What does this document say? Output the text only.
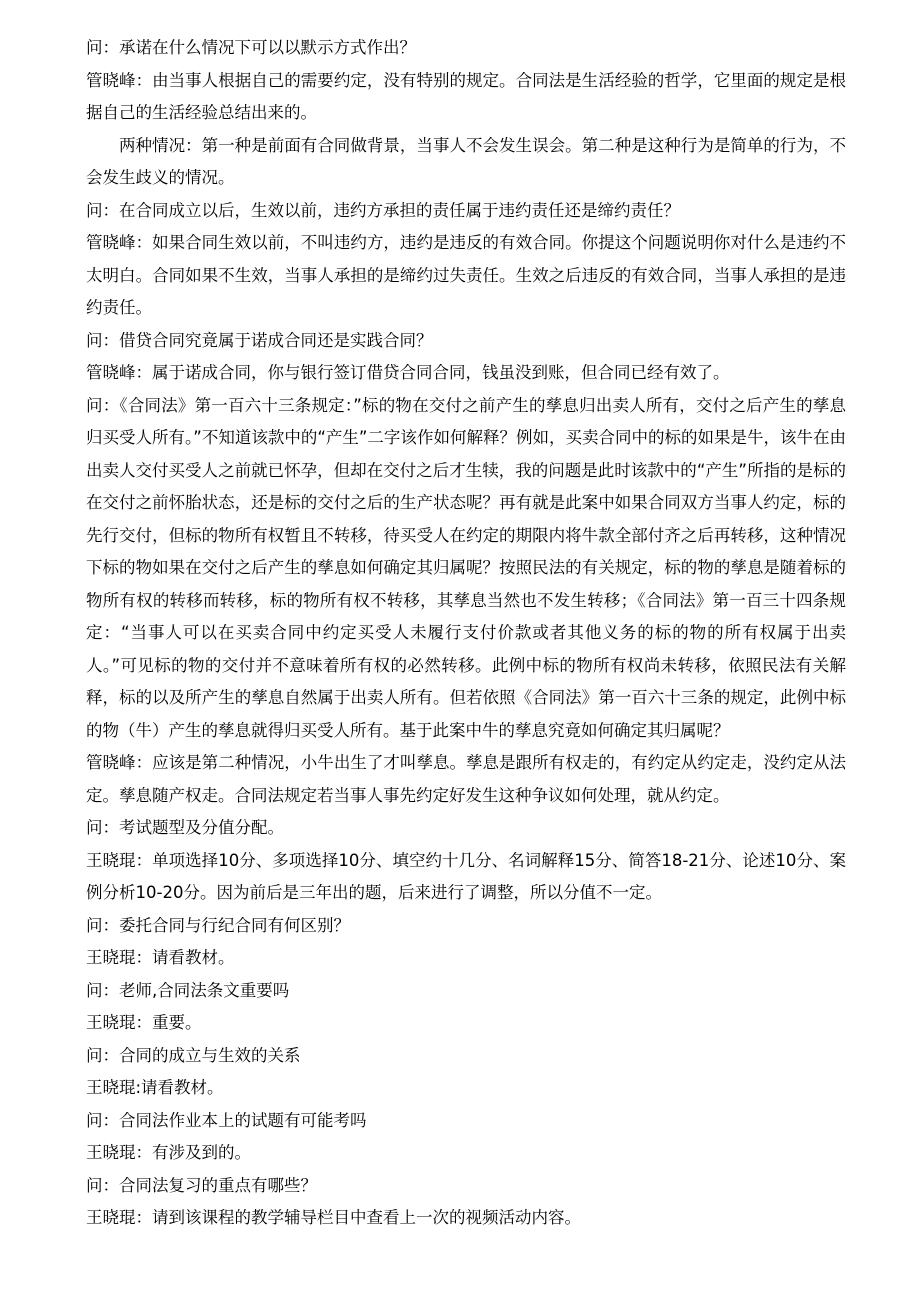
问：承诺在什么情况下可以以默示方式作出？

管晓峰：由当事人根据自己的需要约定，没有特别的规定。合同法是生活经验的哲学，它里面的规定是根据自己的生活经验总结出来的。

两种情况：第一种是前面有合同做背景，当事人不会发生误会。第二种是这种行为是简单的行为，不会发生歧义的情况。

问：在合同成立以后，生效以前，违约方承担的责任属于违约责任还是缔约责任？

管晓峰：如果合同生效以前，不叫违约方，违约是违反的有效合同。你提这个问题说明你对什么是违约不太明白。合同如果不生效，当事人承担的是缔约过失责任。生效之后违反的有效合同，当事人承担的是违约责任。

问：借贷合同究竟属于诺成合同还是实践合同？

管晓峰：属于诺成合同，你与银行签订借贷合同合同，钱虽没到账，但合同已经有效了。

问：《合同法》第一百六十三条规定：”标的物在交付之前产生的孳息归出卖人所有，交付之后产生的孳息归买受人所有。”不知道该款中的“产生”二字该作如何解释？例如，买卖合同中的标的如果是牛，该牛在由出卖人交付买受人之前就已怀孕，但却在交付之后才生犊，我的问题是此时该款中的“产生”所指的是标的在交付之前怀胎状态，还是标的交付之后的生产状态呢？再有就是此案中如果合同双方当事人约定，标的先行交付，但标的物所有权暂且不转移，待买受人在约定的期限内将牛款全部付齐之后再转移，这种情况下标的物如果在交付之后产生的孳息如何确定其归属呢？按照民法的有关规定，标的物的孳息是随着标的物所有权的转移而转移，标的物所有权不转移，其孳息当然也不发生转移；《合同法》第一百三十四条规定：“当事人可以在买卖合同中约定买受人未履行支付价款或者其他义务的标的物的所有权属于出卖人。”可见标的物的交付并不意味着所有权的必然转移。此例中标的物所有权尚未转移，依照民法有关解释，标的以及所产生的孳息自然属于出卖人所有。但若依照《合同法》第一百六十三条的规定，此例中标的物（牛）产生的孳息就得归买受人所有。基于此案中牛的孳息究竟如何确定其归属呢？

管晓峰：应该是第二种情况，小牛出生了才叫孳息。孳息是跟所有权走的，有约定从约定走，没约定从法定。孳息随产权走。合同法规定若当事人事先约定好发生这种争议如何处理，就从约定。

问：考试题型及分值分配。

王晓琨：单项选择10分、多项选择10分、填空约十几分、名词解释15分、简答18-21分、论述10分、案例分析10-20分。因为前后是三年出的题，后来进行了调整，所以分值不一定。

问：委托合同与行纪合同有何区别？

王晓琨：请看教材。

问：老师,合同法条文重要吗

王晓琨：重要。

问：合同的成立与生效的关系

王晓琨:请看教材。

问：合同法作业本上的试题有可能考吗

王晓琨：有涉及到的。

问：合同法复习的重点有哪些？

王晓琨：请到该课程的教学辅导栏目中查看上一次的视频活动内容。
